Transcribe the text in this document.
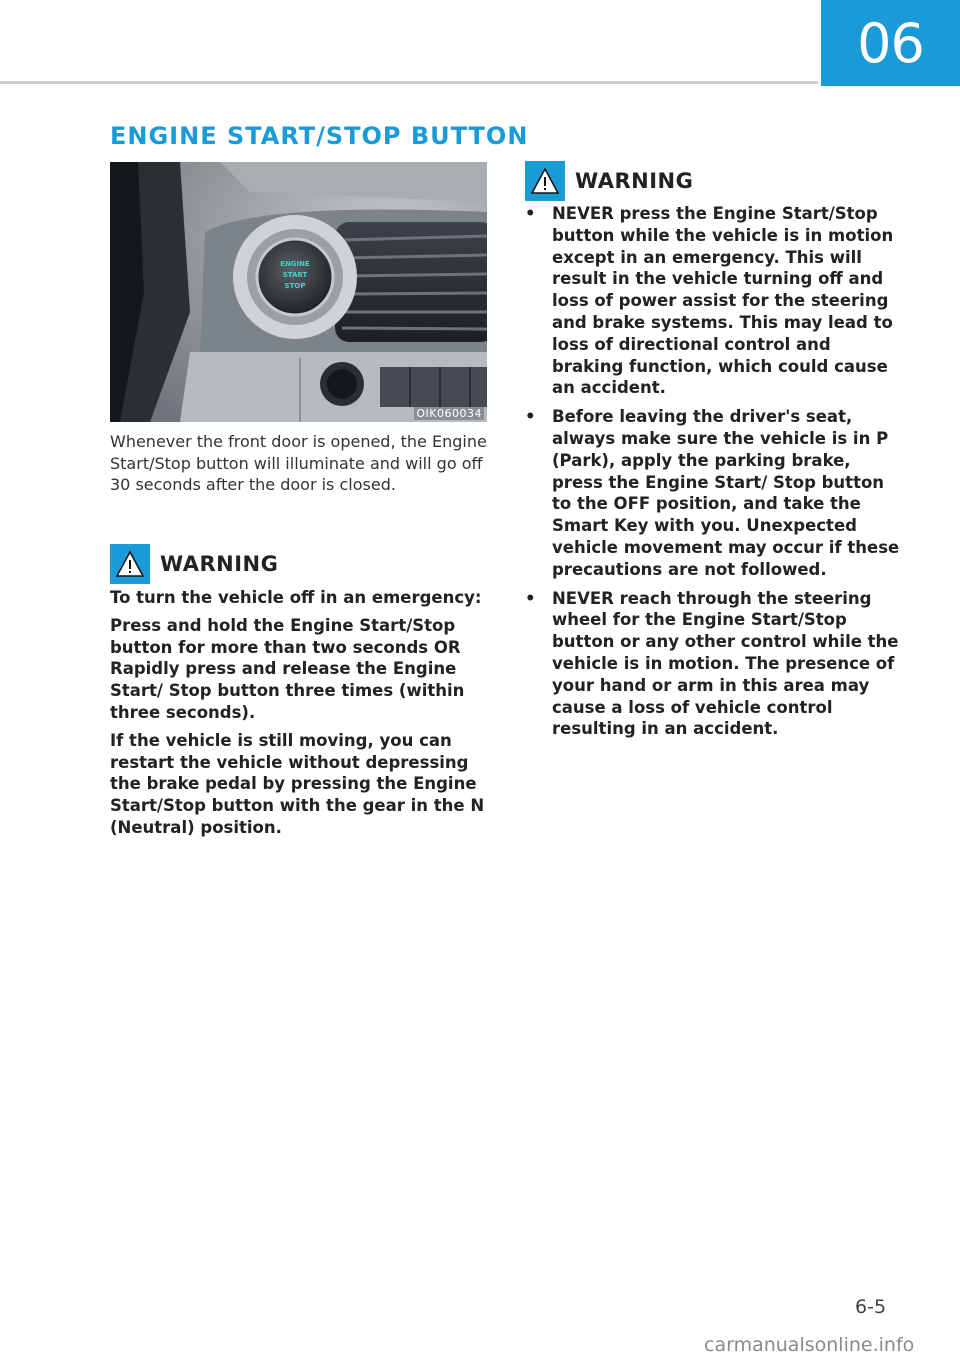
06
ENGINE START/STOP BUTTON
ENGINE
START
STOP
OIK060034
Whenever the front door is opened, the Engine Start/Stop button will illuminate and will go off 30 seconds after the door is closed.
WARNING

To turn the vehicle off in an emergency:

Press and hold the Engine Start/Stop button for more than two seconds OR Rapidly press and release the Engine Start/ Stop button three times (within three seconds).

If the vehicle is still moving, you can restart the vehicle without depressing the brake pedal by pressing the Engine Start/Stop button with the gear in the N (Neutral) position.

WARNING
• NEVER press the Engine Start/Stop button while the vehicle is in motion except in an emergency. This will result in the vehicle turning off and loss of power assist for the steering and brake systems. This may lead to loss of directional control and braking function, which could cause an accident.
• Before leaving the driver's seat, always make sure the vehicle is in P (Park), apply the parking brake, press the Engine Start/ Stop button to the OFF position, and take the Smart Key with you. Unexpected vehicle movement may occur if these precautions are not followed.
• NEVER reach through the steering wheel for the Engine Start/Stop button or any other control while the vehicle is in motion. The presence of your hand or arm in this area may cause a loss of vehicle control resulting in an accident.
6-5
carmanualsonline.info
